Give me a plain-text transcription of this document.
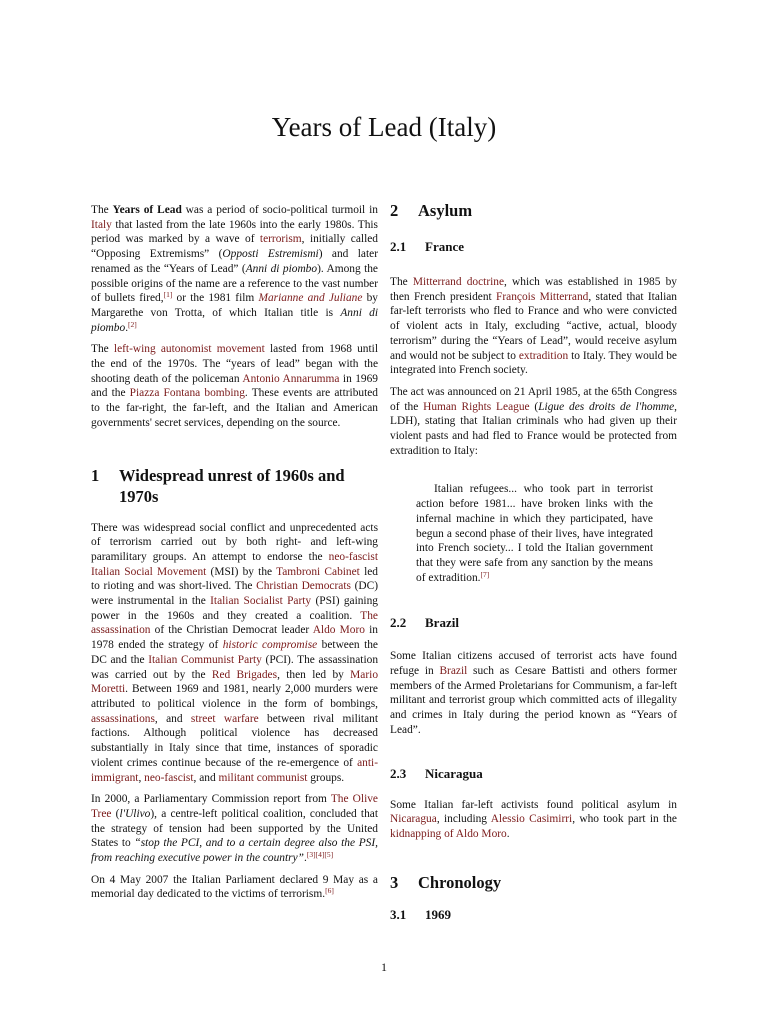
Years of Lead (Italy)

The Years of Lead was a period of socio-political turmoil in Italy that lasted from the late 1960s into the early 1980s. This period was marked by a wave of terrorism, initially called “Opposing Extremisms” (Opposti Estremismi) and later renamed as the “Years of Lead” (Anni di piombo). Among the possible origins of the name are a reference to the vast number of bullets fired,[1] or the 1981 film Marianne and Juliane by Margarethe von Trotta, of which Italian title is Anni di piombo.[2]

The left-wing autonomist movement lasted from 1968 until the end of the 1970s. The “years of lead” began with the shooting death of the policeman Antonio Annarumma in 1969 and the Piazza Fontana bombing. These events are attributed to the far-right, the far-left, and the Italian and American governments' secret services, depending on the source.

1	Widespread unrest of 1960s and 1970s

There was widespread social conflict and unprecedented acts of terrorism carried out by both right- and left-wing paramilitary groups. An attempt to endorse the neo-fascist Italian Social Movement (MSI) by the Tambroni Cabinet led to rioting and was short-lived. The Christian Democrats (DC) were instrumental in the Italian Socialist Party (PSI) gaining power in the 1960s and they created a coalition. The assassination of the Christian Democrat leader Aldo Moro in 1978 ended the strategy of historic compromise between the DC and the Italian Communist Party (PCI). The assassination was carried out by the Red Brigades, then led by Mario Moretti. Between 1969 and 1981, nearly 2,000 murders were attributed to political violence in the form of bombings, assassinations, and street warfare between rival militant factions. Although political violence has decreased substantially in Italy since that time, instances of sporadic violent crimes continue because of the re-emergence of anti-immigrant, neo-fascist, and militant communist groups.

In 2000, a Parliamentary Commission report from The Olive Tree (l'Ulivo), a centre-left political coalition, concluded that the strategy of tension had been supported by the United States to “stop the PCI, and to a certain degree also the PSI, from reaching executive power in the country”.[3][4][5]

On 4 May 2007 the Italian Parliament declared 9 May as a memorial day dedicated to the victims of terrorism.[6]

2	Asylum
2.1	France

The Mitterrand doctrine, which was established in 1985 by then French president François Mitterrand, stated that Italian far-left terrorists who fled to France and who were convicted of violent acts in Italy, excluding “active, actual, bloody terrorism” during the “Years of Lead”, would receive asylum and would not be subject to extradition to Italy. They would be integrated into French society.

The act was announced on 21 April 1985, at the 65th Congress of the Human Rights League (Ligue des droits de l'homme, LDH), stating that Italian criminals who had given up their violent pasts and had fled to France would be protected from extradition to Italy:

Italian refugees... who took part in terrorist action before 1981... have broken links with the infernal machine in which they participated, have begun a second phase of their lives, have integrated into French society... I told the Italian government that they were safe from any sanction by the means of extradition.[7]

2.2	Brazil

Some Italian citizens accused of terrorist acts have found refuge in Brazil such as Cesare Battisti and others former members of the Armed Proletarians for Communism, a far-left militant and terrorist group which committed acts of illegality and crimes in Italy during the period known as “Years of Lead”.

2.3	Nicaragua

Some Italian far-left activists found political asylum in Nicaragua, including Alessio Casimirri, who took part in the kidnapping of Aldo Moro.

3	Chronology
3.1	1969
1
